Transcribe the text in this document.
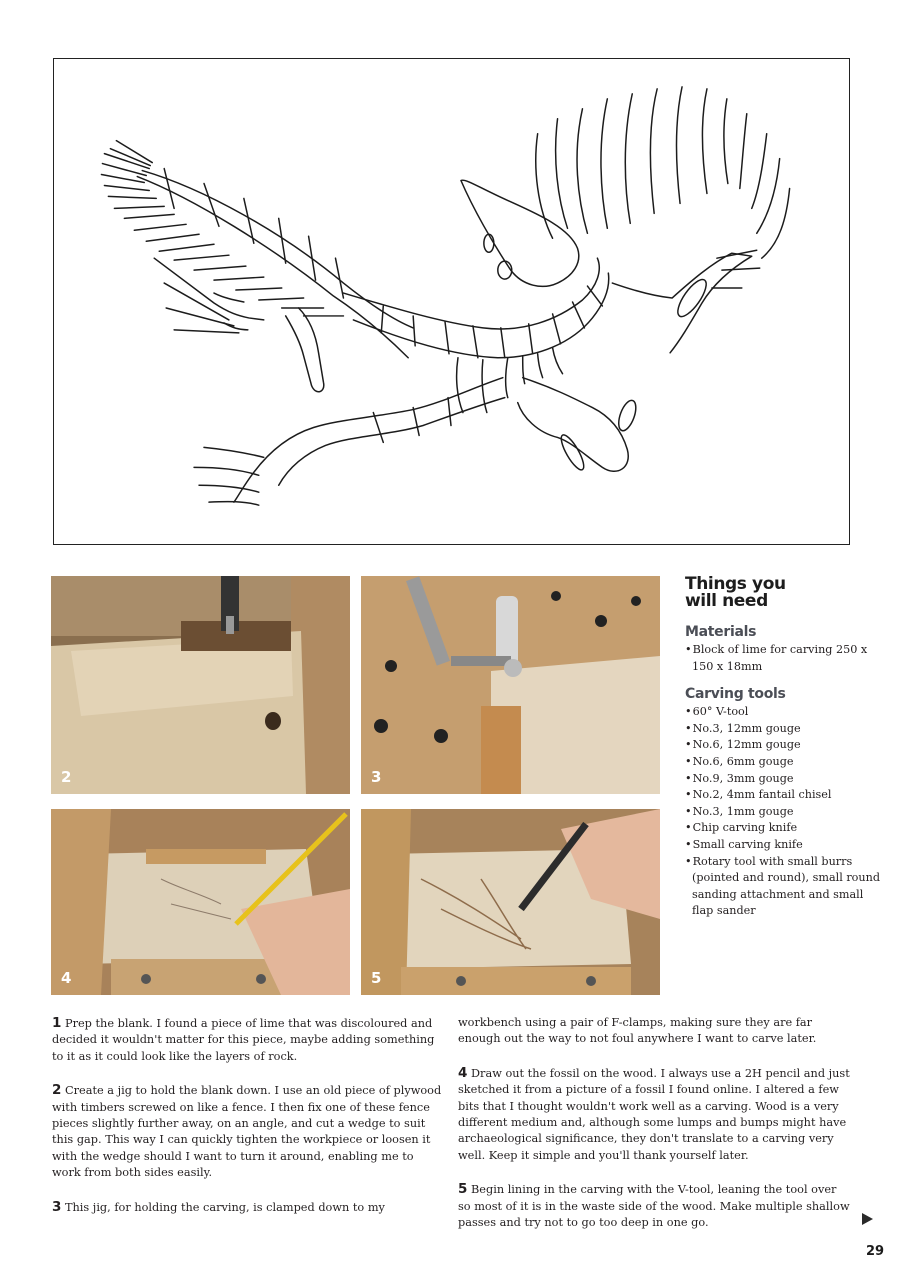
2	3
4	5
Things you will need
Materials
• Block of lime for carving 250 x 150 x 18mm
Carving tools
• 60° V-tool
• No.3, 12mm gouge
• No.6, 12mm gouge
• No.6, 6mm gouge
• No.9, 3mm gouge
• No.2, 4mm fantail chisel
• No.3, 1mm gouge
• Chip carving knife
• Small carving knife
• Rotary tool with small burrs (pointed and round), small round sanding attachment and small flap sander

1 Prep the blank. I found a piece of lime that was discoloured and decided it wouldn't matter for this piece, maybe adding something to it as it could look like the layers of rock.

2 Create a jig to hold the blank down. I use an old piece of plywood with timbers screwed on like a fence. I then fix one of these fence pieces slightly further away, on an angle, and cut a wedge to suit this gap. This way I can quickly tighten the workpiece or loosen it with the wedge should I want to turn it around, enabling me to work from both sides easily.

3 This jig, for holding the carving, is clamped down to my

workbench using a pair of F-clamps, making sure they are far enough out the way to not foul anywhere I want to carve later.

4 Draw out the fossil on the wood. I always use a 2H pencil and just sketched it from a picture of a fossil I found online. I altered a few bits that I thought wouldn't work well as a carving. Wood is a very different medium and, although some lumps and bumps might have archaeological significance, they don't translate to a carving very well. Keep it simple and you'll thank yourself later.

5 Begin lining in the carving with the V-tool, leaning the tool over so most of it is in the waste side of the wood. Make multiple shallow passes and try not to go too deep in one go.

29
